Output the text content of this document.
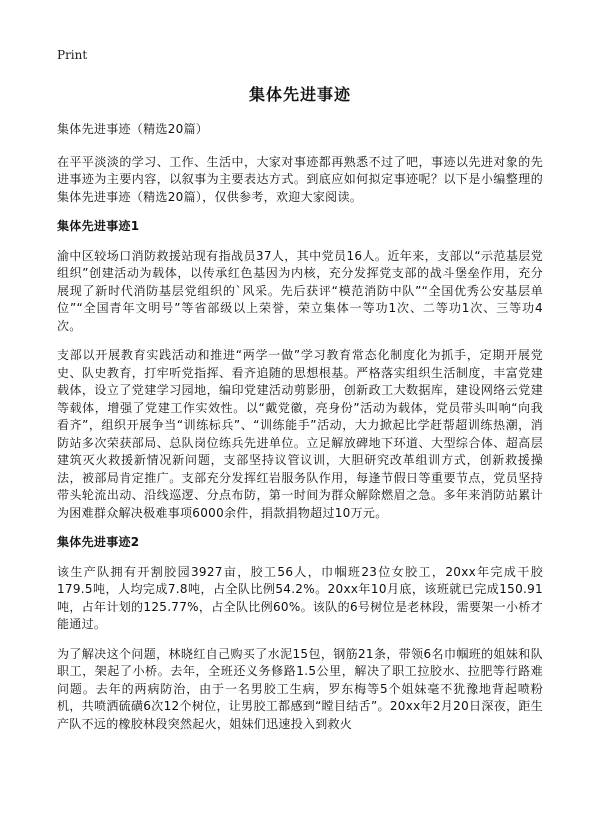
Print
集体先进事迹

集体先进事迹（精选20篇）

在平平淡淡的学习、工作、生活中，大家对事迹都再熟悉不过了吧，事迹以先进对象的先进事迹为主要内容，以叙事为主要表达方式。到底应如何拟定事迹呢？以下是小编整理的集体先进事迹（精选20篇），仅供参考，欢迎大家阅读。

集体先进事迹1

渝中区较场口消防救援站现有指战员37人，其中党员16人。近年来，支部以“示范基层党组织”创建活动为载体，以传承红色基因为内核，充分发挥党支部的战斗堡垒作用，充分展现了新时代消防基层党组织的`风采。先后获评“模范消防中队”“全国优秀公安基层单位”“全国青年文明号”等省部级以上荣誉，荣立集体一等功1次、二等功1次、三等功4次。

支部以开展教育实践活动和推进“两学一做”学习教育常态化制度化为抓手，定期开展党史、队史教育，打牢听党指挥、看齐追随的思想根基。严格落实组织生活制度，丰富党建载体，设立了党建学习园地，编印党建活动剪影册，创新政工大数据库，建设网络云党建等载体，增强了党建工作实效性。以“戴党徽，亮身份”活动为载体，党员带头叫响“向我看齐”，组织开展争当“训练标兵”、“训练能手”活动，大力掀起比学赶帮超训练热潮，消防站多次荣获部局、总队岗位练兵先进单位。立足解放碑地下环道、大型综合体、超高层建筑灭火救援新情况新问题，支部坚持议管议训，大胆研究改革组训方式，创新救援操法，被部局肯定推广。支部充分发挥红岩服务队作用，每逢节假日等重要节点，党员坚持带头轮流出动、沿线巡逻、分点布防，第一时间为群众解除燃眉之急。多年来消防站累计为困难群众解决极难事项6000余件，捐款捐物超过10万元。

集体先进事迹2

该生产队拥有开割胶园3927亩，胶工56人，巾帼班23位女胶工，20xx年完成干胶179.5吨，人均完成7.8吨，占全队比例54.2%。20xx年10月底，该班就已完成150.91吨，占年计划的125.77%，占全队比例60%。该队的6号树位是老林段，需要架一小桥才能通过。

为了解决这个问题，林晓红自己购买了水泥15包，钢筋21条，带领6名巾帼班的姐妹和队职工，架起了小桥。去年，全班还义务修路1.5公里，解决了职工拉胶水、拉肥等行路难问题。去年的两病防治，由于一名男胶工生病，罗东梅等5个姐妹毫不犹豫地背起喷粉机，共喷洒硫磺6次12个树位，让男胶工都感到“瞠目结舌”。20xx年2月20日深夜，距生产队不远的橡胶林段突然起火，姐妹们迅速投入到救火
